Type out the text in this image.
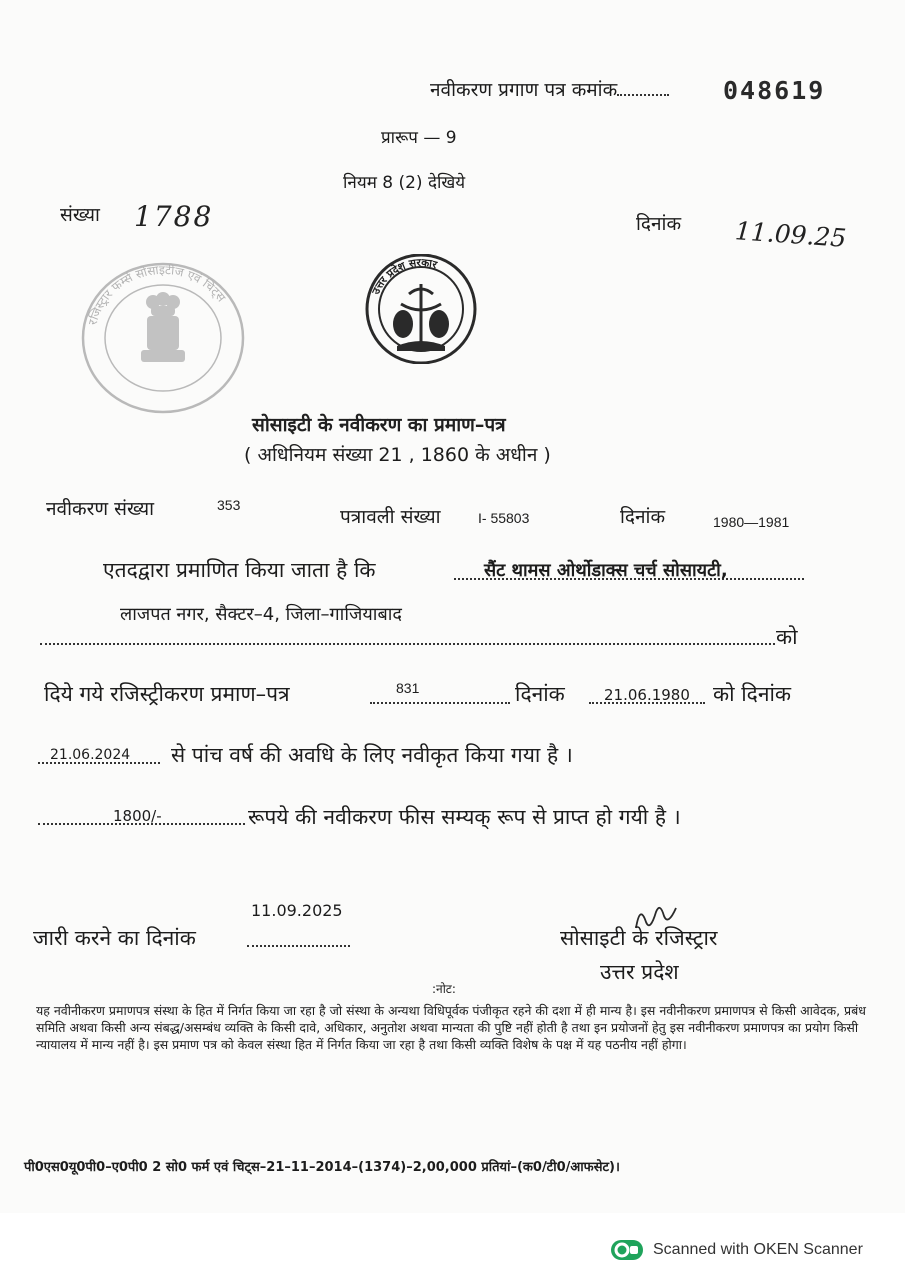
नवीकरण प्रगाण पत्र कमांक	048619
प्रारूप — 9
नियम 8 (2) देखिये
संख्या 1788	दिनांक 11.09.25
रजिस्ट्रार फर्म्स सोसाइटीज एवं चिट्स	उत्तर प्रदेश सरकार
सोसाइटी के नवीकरण का प्रमाण–पत्र
( अधिनियम संख्या 21 , 1860 के अधीन )
नवीकरण संख्या	353
पत्रावली संख्या	I- 55803	दिनांक	1980—1981
एतदद्वारा प्रमाणित किया जाता है कि	सैंट थामस ओर्थोडाक्स चर्च सोसायटी,
लाजपत नगर, सैक्टर–4, जिला–गाजियाबाद
को
दिये गये रजिस्ट्रीकरण प्रमाण–पत्र	831	दिनांक	21.06.1980 को दिनांक
21.06.2024 से पांच वर्ष की अवधि के लिए नवीकृत किया गया है ।
1800/-	रूपये की नवीकरण फीस सम्यक् रूप से प्राप्त हो गयी है ।
11.09.2025
जारी करने का दिनांक	सोसाइटी के रजिस्ट्रार
उत्तर प्रदेश
:नोट:
यह नवीनीकरण प्रमाणपत्र संस्था के हित में निर्गत किया जा रहा है जो संस्था के अन्यथा विधिपूर्वक पंजीकृत रहने की दशा में ही मान्य है। इस नवीनीकरण प्रमाणपत्र से किसी आवेदक, प्रबंध समिति अथवा किसी अन्य संबद्ध/असम्बंध व्यक्ति के किसी दावे, अधिकार, अनुतोश अथवा मान्यता की पुष्टि नहीं होती है तथा इन प्रयोजनों हेतु इस नवीनीकरण प्रमाणपत्र का प्रयोग किसी न्यायालय में मान्य नहीं है। इस प्रमाण पत्र को केवल संस्था हित में निर्गत किया जा रहा है तथा किसी व्यक्ति विशेष के पक्ष में यह पठनीय नहीं होगा।
पी0एस0यू0पी0–ए0पी0 2 सो0 फर्म एवं चिट्स–21–11–2014–(1374)–2,00,000 प्रतियां–(क0/टी0/आफसेट)।
Scanned with OKEN Scanner
